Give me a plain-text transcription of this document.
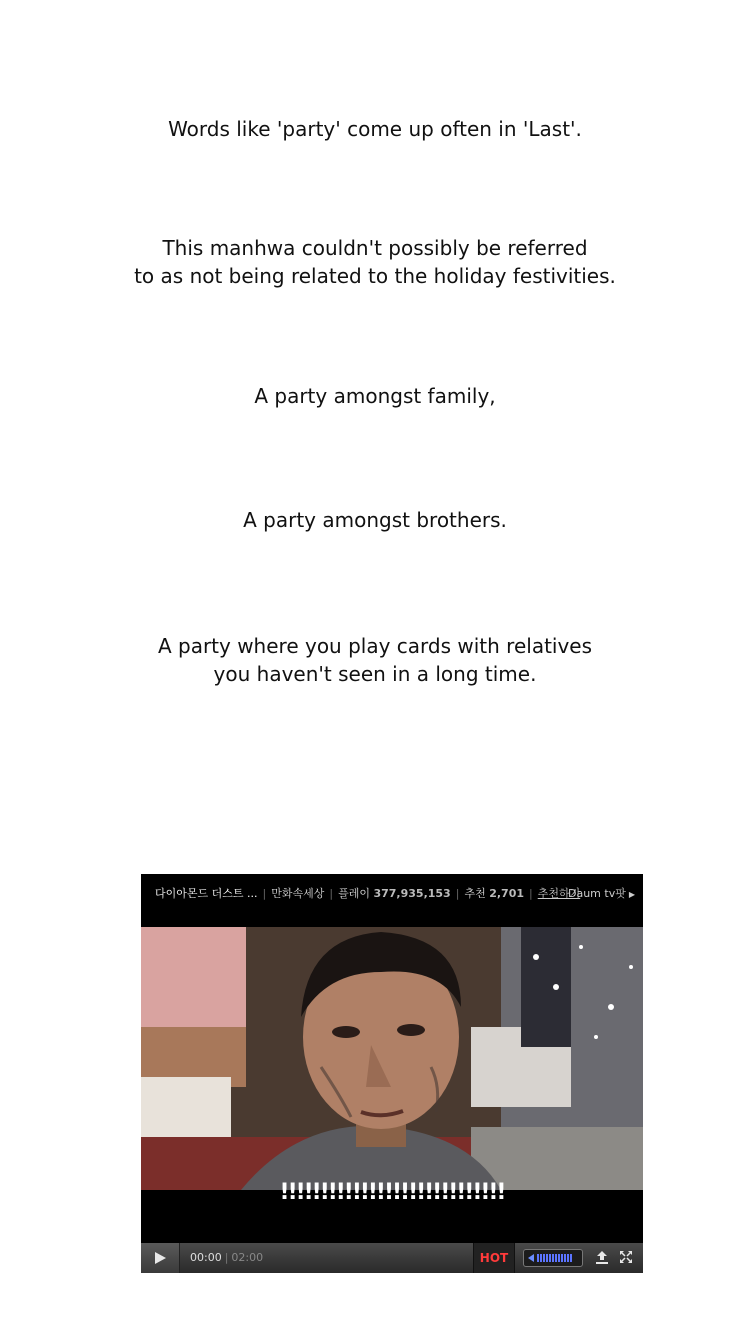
Words like 'party' come up often in 'Last'.
This manhwa couldn't possibly be referred
to as not being related to the holiday festivities.
A party amongst family,
A party amongst brothers.
A party where you play cards with relatives
you haven't seen in a long time.
다이아몬드 더스트 ... | 만화속세상 | 플레이 377,935,153 | 추천 2,701 | 추천하기
Daum tv팟 ▶
!!!!!!!!!!!!!!!!!!!!!!!!!!!!
00:00 | 02:00	HOT
